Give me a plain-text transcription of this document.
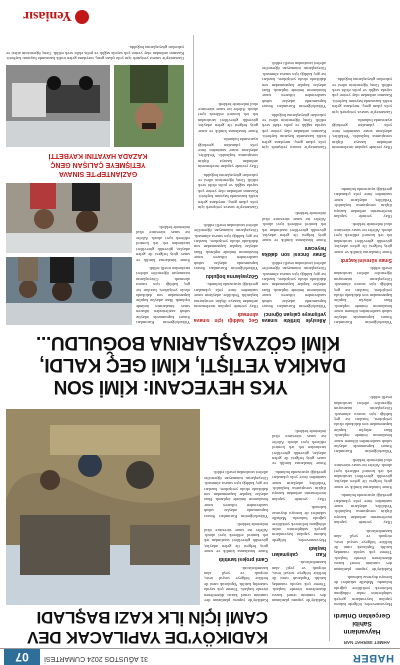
HABER
31 AĞUSTOS 2024 CUMARTESİ
07
KADIKÖY'DE YAPILACAK DEV
CAMİ İÇİN İLK KAZI BAŞLADI
AHMET SERHAT NAR
Hayvanların
Sahibi
Gerçekten Onlardı

Hayvanseverler, bölgede bakımı yapılan hayvanların gerçek sahiplerinin onlar olduğunu belirterek yetkililere çağrıda bulundu. Mahalle sakinleri de konuya duyarsız kalmadı.

Kadıköy'de yapımı planlanan dev caminin temel kazısı düzenlenen törenle başladı. Törene çok sayıda vatandaş katıldı. Yapılacak cami ile birlikte bölgeye sosyal tesis, otopark ve yeşil alan kazandırılacak.

Olay yerinde yapılan incelemenin ardından kazaya ilişkin soruşturma başlatıldı. Yetkililer, adayların sınav saatinden önce yola çıkmaları gerektiği uyarısında bulundu.

Sınav binalarına kimlik ve sınav giriş belgesi ile gelen adaylar, güvenlik görevlileri tarafından tek tek kontrol edilerek içeri alındı. Aileler ise sınav süresince okul önlerinde bekledi.

Yükseköğretim Kurumları Sınavı kapsamında adaylar sabah saatlerinden itibaren sınav binalarının önünde toplandı. Bazı adaylar kapılar kapanmadan son dakikada okula yetişirken, bazıları ise geç kaldığı için sınava alınmadı. Gözyaşlarını tutamayan öğrenciler aileleri tarafından teselli edildi.

Kadıköy'de yapımı planlanan dev caminin temel kazısı düzenlenen törenle başladı. Törene çok sayıda vatandaş katıldı. Yapılacak cami ile birlikte bölgeye sosyal tesis, otopark ve yeşil alan kazandırılacak.

Kazı çalışmaları başladı

Hayvanseverler, bölgede bakımı yapılan hayvanların gerçek sahiplerinin onlar olduğunu belirterek yetkililere çağrıda bulundu. Mahalle sakinleri de konuya duyarsız kalmadı.

Olay yerinde yapılan incelemenin ardından kazaya ilişkin soruşturma başlatıldı. Yetkililer, adayların sınav saatinden önce yola çıkmaları gerektiği uyarısında bulundu.

Sınav binalarına kimlik ve sınav giriş belgesi ile gelen adaylar, güvenlik görevlileri tarafından tek tek kontrol edilerek içeri alındı. Aileler ise sınav süresince okul önlerinde bekledi.

Kadıköy'de yapımı planlanan dev caminin temel kazısı düzenlenen törenle başladı. Törene çok sayıda vatandaş katıldı. Yapılacak cami ile birlikte bölgeye sosyal tesis, otopark ve yeşil alan kazandırılacak.

Cami projesi tanıtıldı

Sınav binalarına kimlik ve sınav giriş belgesi ile gelen adaylar, güvenlik görevlileri tarafından tek tek kontrol edilerek içeri alındı. Aileler ise sınav süresince okul önlerinde bekledi.

Yükseköğretim Kurumları Sınavı kapsamında adaylar sabah saatlerinden itibaren sınav binalarının önünde toplandı. Bazı adaylar kapılar kapanmadan son dakikada okula yetişirken, bazıları ise geç kaldığı için sınava alınmadı. Gözyaşlarını tutamayan öğrenciler aileleri tarafından teselli edildi.

YKS HEYECANI: KİMİ SON
DAKİKA YETİŞTİ, KİMİ GEÇ KALDI,
KİMİ GÖZYAŞLARINA BOĞULDU...

Yükseköğretim Kurumları Sınavı kapsamında adaylar sabah saatlerinden itibaren sınav binalarının önünde toplandı. Bazı adaylar kapılar kapanmadan son dakikada okula yetişirken, bazıları ise geç kaldığı için sınava alınmadı. Gözyaşlarını tutamayan öğrenciler aileleri tarafından teselli edildi.

Sınav süresini kaçırdı

Sınav binalarına kimlik ve sınav giriş belgesi ile gelen adaylar, güvenlik görevlileri tarafından tek tek kontrol edilerek içeri alındı. Aileler ise sınav süresince okul önlerinde bekledi.

Olay yerinde yapılan incelemenin ardından kazaya ilişkin soruşturma başlatıldı. Yetkililer, adayların sınav saatinden önce yola çıkmaları gerektiği uyarısında bulundu.

Ailesiyle birlikte sınava yetişmeye çalışan öğrenci

Yükseköğretim Kurumları Sınavı kapsamında adaylar sabah saatlerinden itibaren sınav binalarının önünde toplandı. Bazı adaylar kapılar kapanmadan son dakikada okula yetişirken, bazıları ise geç kaldığı için sınava alınmadı. Gözyaşlarını tutamayan öğrenciler aileleri tarafından teselli edildi.

Sınav öncesi son dakika heyecanı

Sınav binalarına kimlik ve sınav giriş belgesi ile gelen adaylar, güvenlik görevlileri tarafından tek tek kontrol edilerek içeri alındı. Aileler ise sınav süresince okul önlerinde bekledi.

Geç kaldığı için sınava alınmadı

Olay yerinde yapılan incelemenin ardından kazaya ilişkin soruşturma başlatıldı. Yetkililer, adayların sınav saatinden önce yola çıkmaları gerektiği uyarısında bulundu.

Gözyaşlarına boğuldu

Yükseköğretim Kurumları Sınavı kapsamında adaylar sabah saatlerinden itibaren sınav binalarının önünde toplandı. Bazı adaylar kapılar kapanmadan son dakikada okula yetişirken, bazıları ise geç kaldığı için sınava alınmadı. Gözyaşlarını tutamayan öğrenciler aileleri tarafından teselli edildi.

Yükseköğretim Kurumları Sınavı kapsamında adaylar sabah saatlerinden itibaren sınav binalarının önünde toplandı. Bazı adaylar kapılar kapanmadan son dakikada okula yetişirken, bazıları ise geç kaldığı için sınava alınmadı. Gözyaşlarını tutamayan öğrenciler aileleri tarafından teselli edildi.

Sınav binalarına kimlik ve sınav giriş belgesi ile gelen adaylar, güvenlik görevlileri tarafından tek tek kontrol edilerek içeri alındı. Aileler ise sınav süresince okul önlerinde bekledi.

Gaziantep'te sınava yetişmek için yola çıkan genç, meydana gelen trafik kazasında hayatını kaybetti. Kazanın ardından olay yerine çok sayıda sağlık ve polis ekibi sevk edildi. Genç öğrencinin ailesi ve yakınları gözyaşlarına boğuldu.

Olay yerinde yapılan incelemenin ardından kazaya ilişkin soruşturma başlatıldı. Yetkililer, adayların sınav saatinden önce yola çıkmaları gerektiği uyarısında bulundu.

Sınav binalarına kimlik ve sınav giriş belgesi ile gelen adaylar, güvenlik görevlileri tarafından tek tek kontrol edilerek içeri alındı. Aileler ise sınav süresince okul önlerinde bekledi.

Gaziantep'te sınava yetişmek için yola çıkan genç, meydana gelen trafik kazasında hayatını kaybetti. Kazanın ardından olay yerine çok sayıda sağlık ve polis ekibi sevk edildi. Genç öğrencinin ailesi ve yakınları gözyaşlarına boğuldu.

Yükseköğretim Kurumları Sınavı kapsamında adaylar sabah saatlerinden itibaren sınav binalarının önünde toplandı. Bazı adaylar kapılar kapanmadan son dakikada okula yetişirken, bazıları ise geç kaldığı için sınava alınmadı. Gözyaşlarını tutamayan öğrenciler aileleri tarafından teselli edildi.

Olay yerinde yapılan incelemenin ardından kazaya ilişkin soruşturma başlatıldı. Yetkililer, adayların sınav saatinden önce yola çıkmaları gerektiği uyarısında bulundu.

Gaziantep'te sınava yetişmek için yola çıkan genç, meydana gelen trafik kazasında hayatını kaybetti. Kazanın ardından olay yerine çok sayıda sağlık ve polis ekibi sevk edildi. Genç öğrencinin ailesi ve yakınları gözyaşlarına boğuldu.

GAZİANTEP'TE SINAVA
YETİŞMEYE ÇALIŞAN GENÇ
KAZADA HAYATINI KAYBETTİ

Gaziantep'te sınava yetişmek için yola çıkan genç, meydana gelen trafik kazasında hayatını kaybetti. Kazanın ardından olay yerine çok sayıda sağlık ve polis ekibi sevk edildi. Genç öğrencinin ailesi ve yakınları gözyaşlarına boğuldu.

Yeniasır
